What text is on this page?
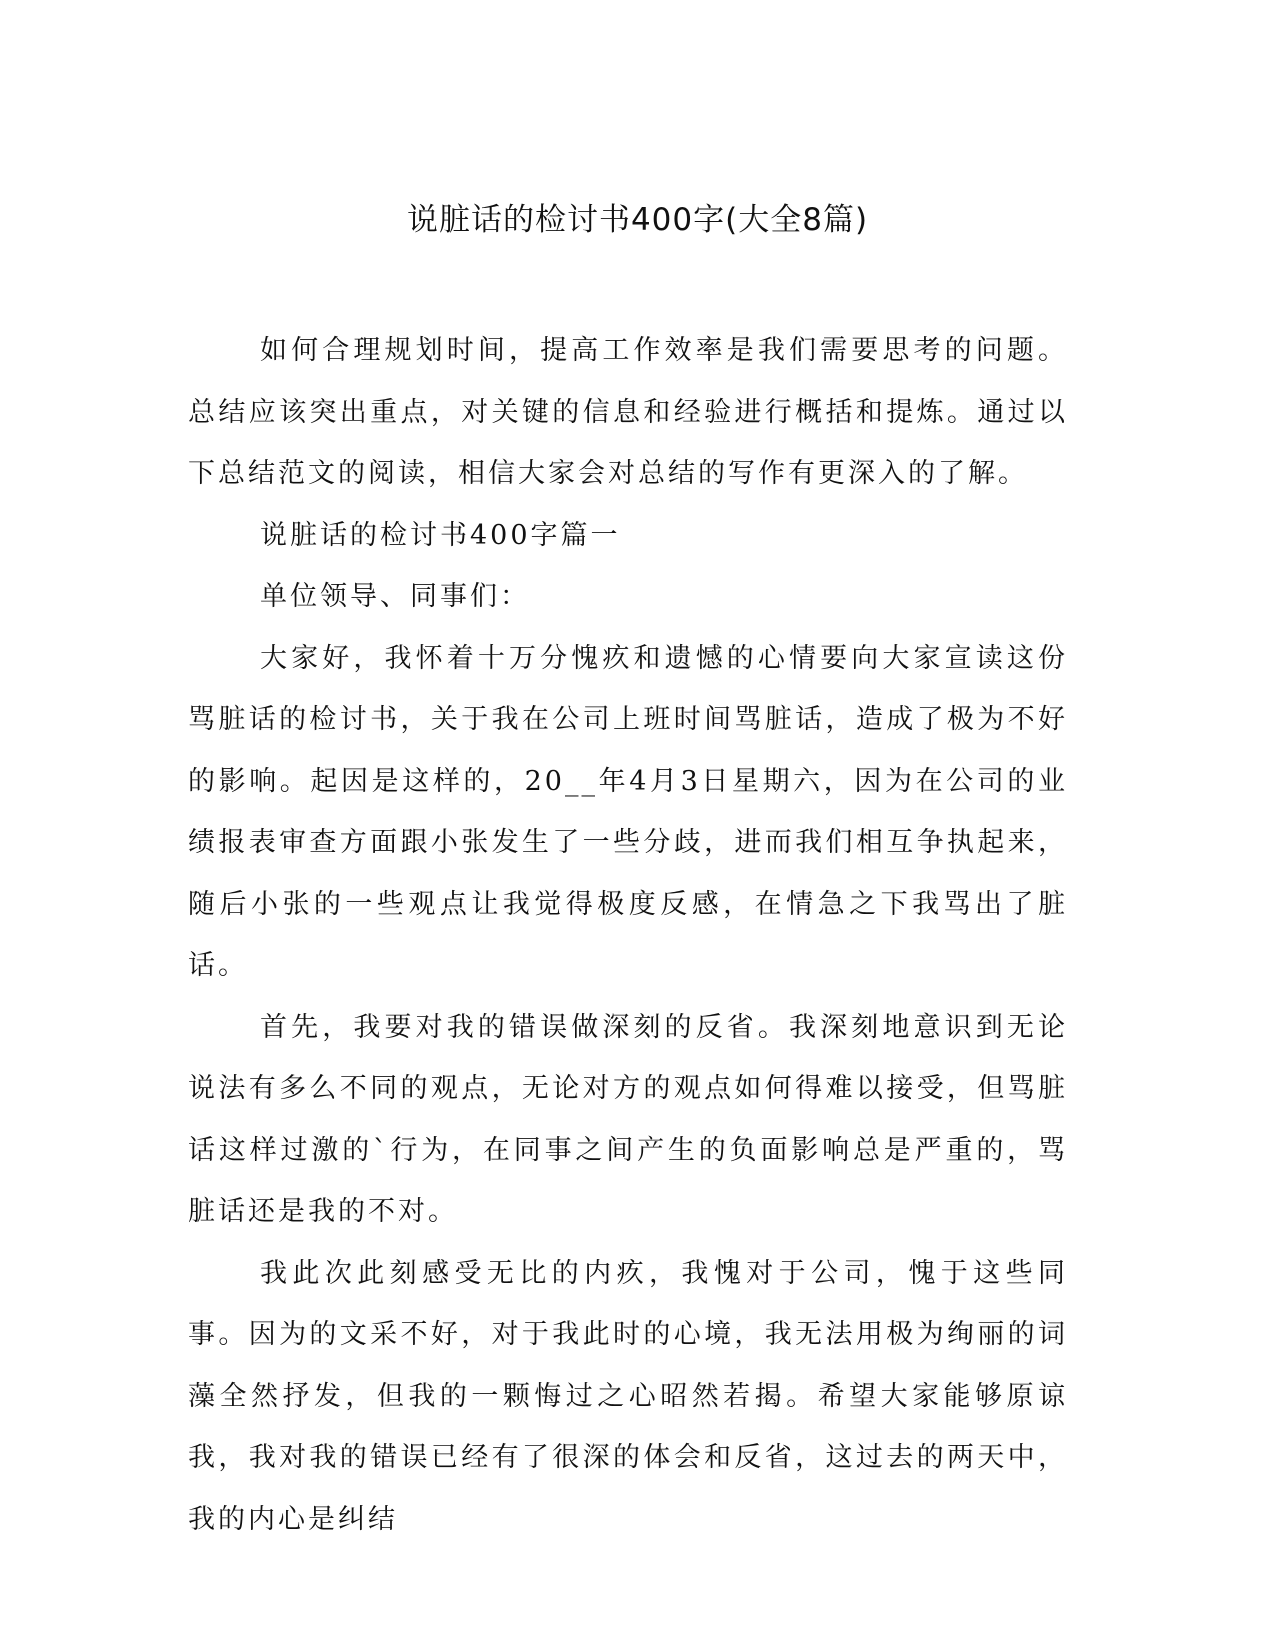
说脏话的检讨书400字(大全8篇)

如何合理规划时间，提高工作效率是我们需要思考的问题。总结应该突出重点，对关键的信息和经验进行概括和提炼。通过以下总结范文的阅读，相信大家会对总结的写作有更深入的了解。

说脏话的检讨书400字篇一

单位领导、同事们：

大家好，我怀着十万分愧疚和遗憾的心情要向大家宣读这份骂脏话的检讨书，关于我在公司上班时间骂脏话，造成了极为不好的影响。起因是这样的，20__年4月3日星期六，因为在公司的业绩报表审查方面跟小张发生了一些分歧，进而我们相互争执起来，随后小张的一些观点让我觉得极度反感，在情急之下我骂出了脏话。

首先，我要对我的错误做深刻的反省。我深刻地意识到无论说法有多么不同的观点，无论对方的观点如何得难以接受，但骂脏话这样过激的`行为，在同事之间产生的负面影响总是严重的，骂脏话还是我的不对。

我此次此刻感受无比的内疚，我愧对于公司，愧于这些同事。因为的文采不好，对于我此时的心境，我无法用极为绚丽的词藻全然抒发，但我的一颗悔过之心昭然若揭。希望大家能够原谅我，我对我的错误已经有了很深的体会和反省，这过去的两天中，我的内心是纠结
